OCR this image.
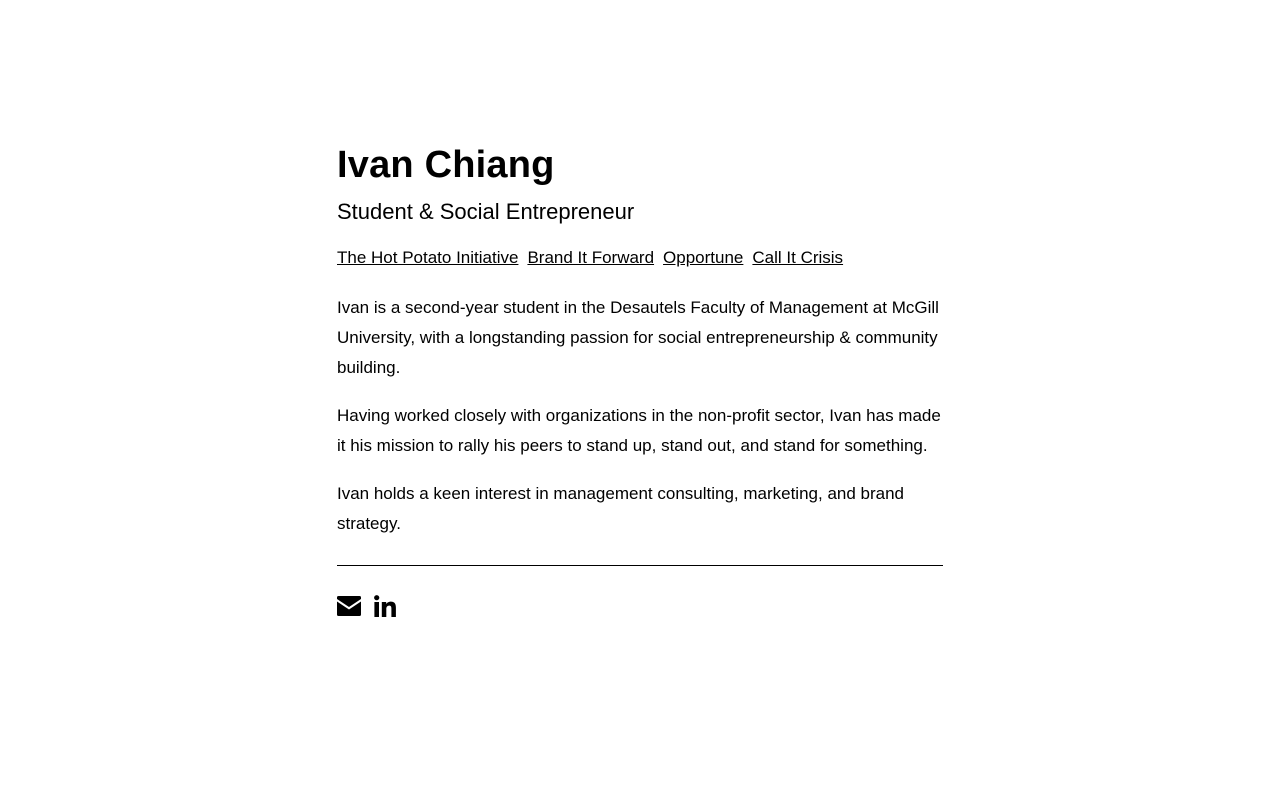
Ivan Chiang
Student & Social Entrepreneur
The Hot Potato Initiative Brand It Forward Opportune Call It Crisis

Ivan is a second-year student in the Desautels Faculty of Management at McGill University, with a longstanding passion for social entrepreneurship & community building.

Having worked closely with organizations in the non-profit sector, Ivan has made it his mission to rally his peers to stand up, stand out, and stand for something.

Ivan holds a keen interest in management consulting, marketing, and brand strategy.
